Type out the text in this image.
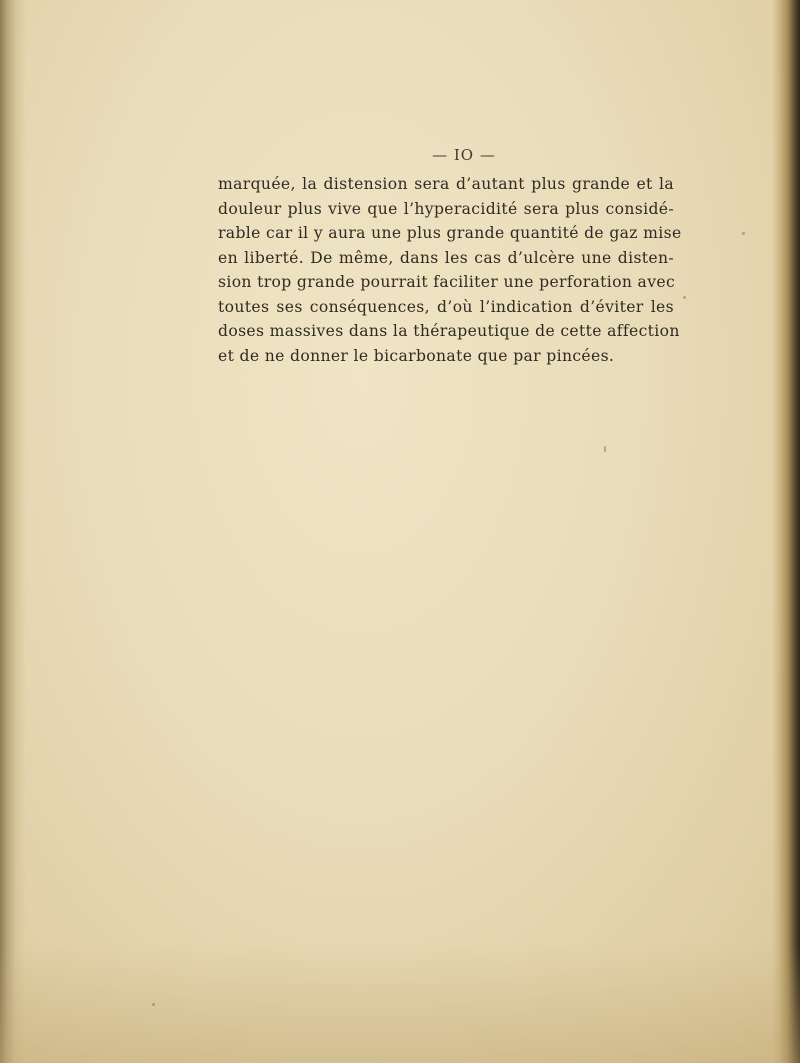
— IO —
marquée, la distension sera d’autant plus grande et la
douleur plus vive que l’hyperacidité sera plus considé-
rable car il y aura une plus grande quantité de gaz mise
en liberté. De même, dans les cas d’ulcère une disten-
sion trop grande pourrait faciliter une perforation avec
toutes ses conséquences, d’où l’indication d’éviter les
doses massives dans la thérapeutique de cette affection
et de ne donner le bicarbonate que par pincées.
